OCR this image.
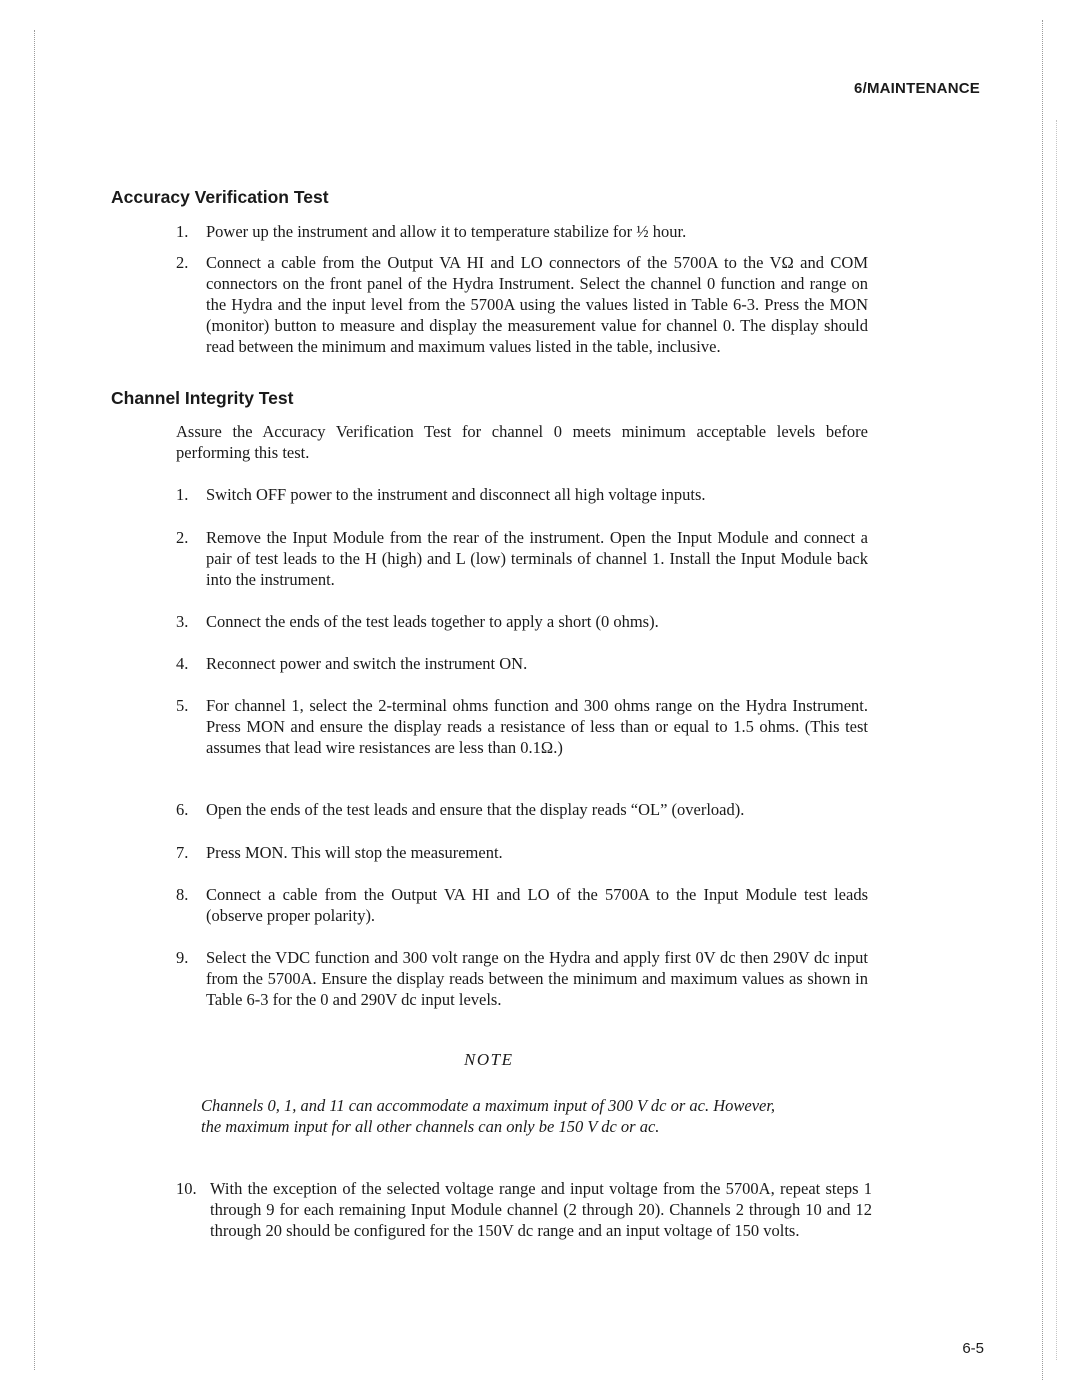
6/MAINTENANCE
Accuracy Verification Test
1.	Power up the instrument and allow it to temperature stabilize for ½ hour.
2.	Connect a cable from the Output VA HI and LO connectors of the 5700A to the VΩ and COM connectors on the front panel of the Hydra Instrument. Select the channel 0 function and range on the Hydra and the input level from the 5700A using the values listed in Table 6-3. Press the MON (monitor) button to measure and display the measurement value for channel 0. The display should read between the minimum and maximum values listed in the table, inclusive.
Channel Integrity Test
Assure the Accuracy Verification Test for channel 0 meets minimum acceptable levels before performing this test.
1.	Switch OFF power to the instrument and disconnect all high voltage inputs.
2.	Remove the Input Module from the rear of the instrument. Open the Input Module and connect a pair of test leads to the H (high) and L (low) terminals of channel 1. Install the Input Module back into the instrument.
3.	Connect the ends of the test leads together to apply a short (0 ohms).
4.	Reconnect power and switch the instrument ON.
5.	For channel 1, select the 2-terminal ohms function and 300 ohms range on the Hydra Instrument. Press MON and ensure the display reads a resistance of less than or equal to 1.5 ohms. (This test assumes that lead wire resistances are less than 0.1Ω.)
6.	Open the ends of the test leads and ensure that the display reads “OL” (overload).
7.	Press MON. This will stop the measurement.
8.	Connect a cable from the Output VA HI and LO of the 5700A to the Input Module test leads (observe proper polarity).
9.	Select the VDC function and 300 volt range on the Hydra and apply first 0V dc then 290V dc input from the 5700A. Ensure the display reads between the minimum and maximum values as shown in Table 6-3 for the 0 and 290V dc input levels.
NOTE
Channels 0, 1, and 11 can accommodate a maximum input of 300 V dc or ac. However, the maximum input for all other channels can only be 150 V dc or ac.
10. With the exception of the selected voltage range and input voltage from the 5700A, repeat steps 1 through 9 for each remaining Input Module channel (2 through 20). Channels 2 through 10 and 12 through 20 should be configured for the 150V dc range and an input voltage of 150 volts.
6-5
